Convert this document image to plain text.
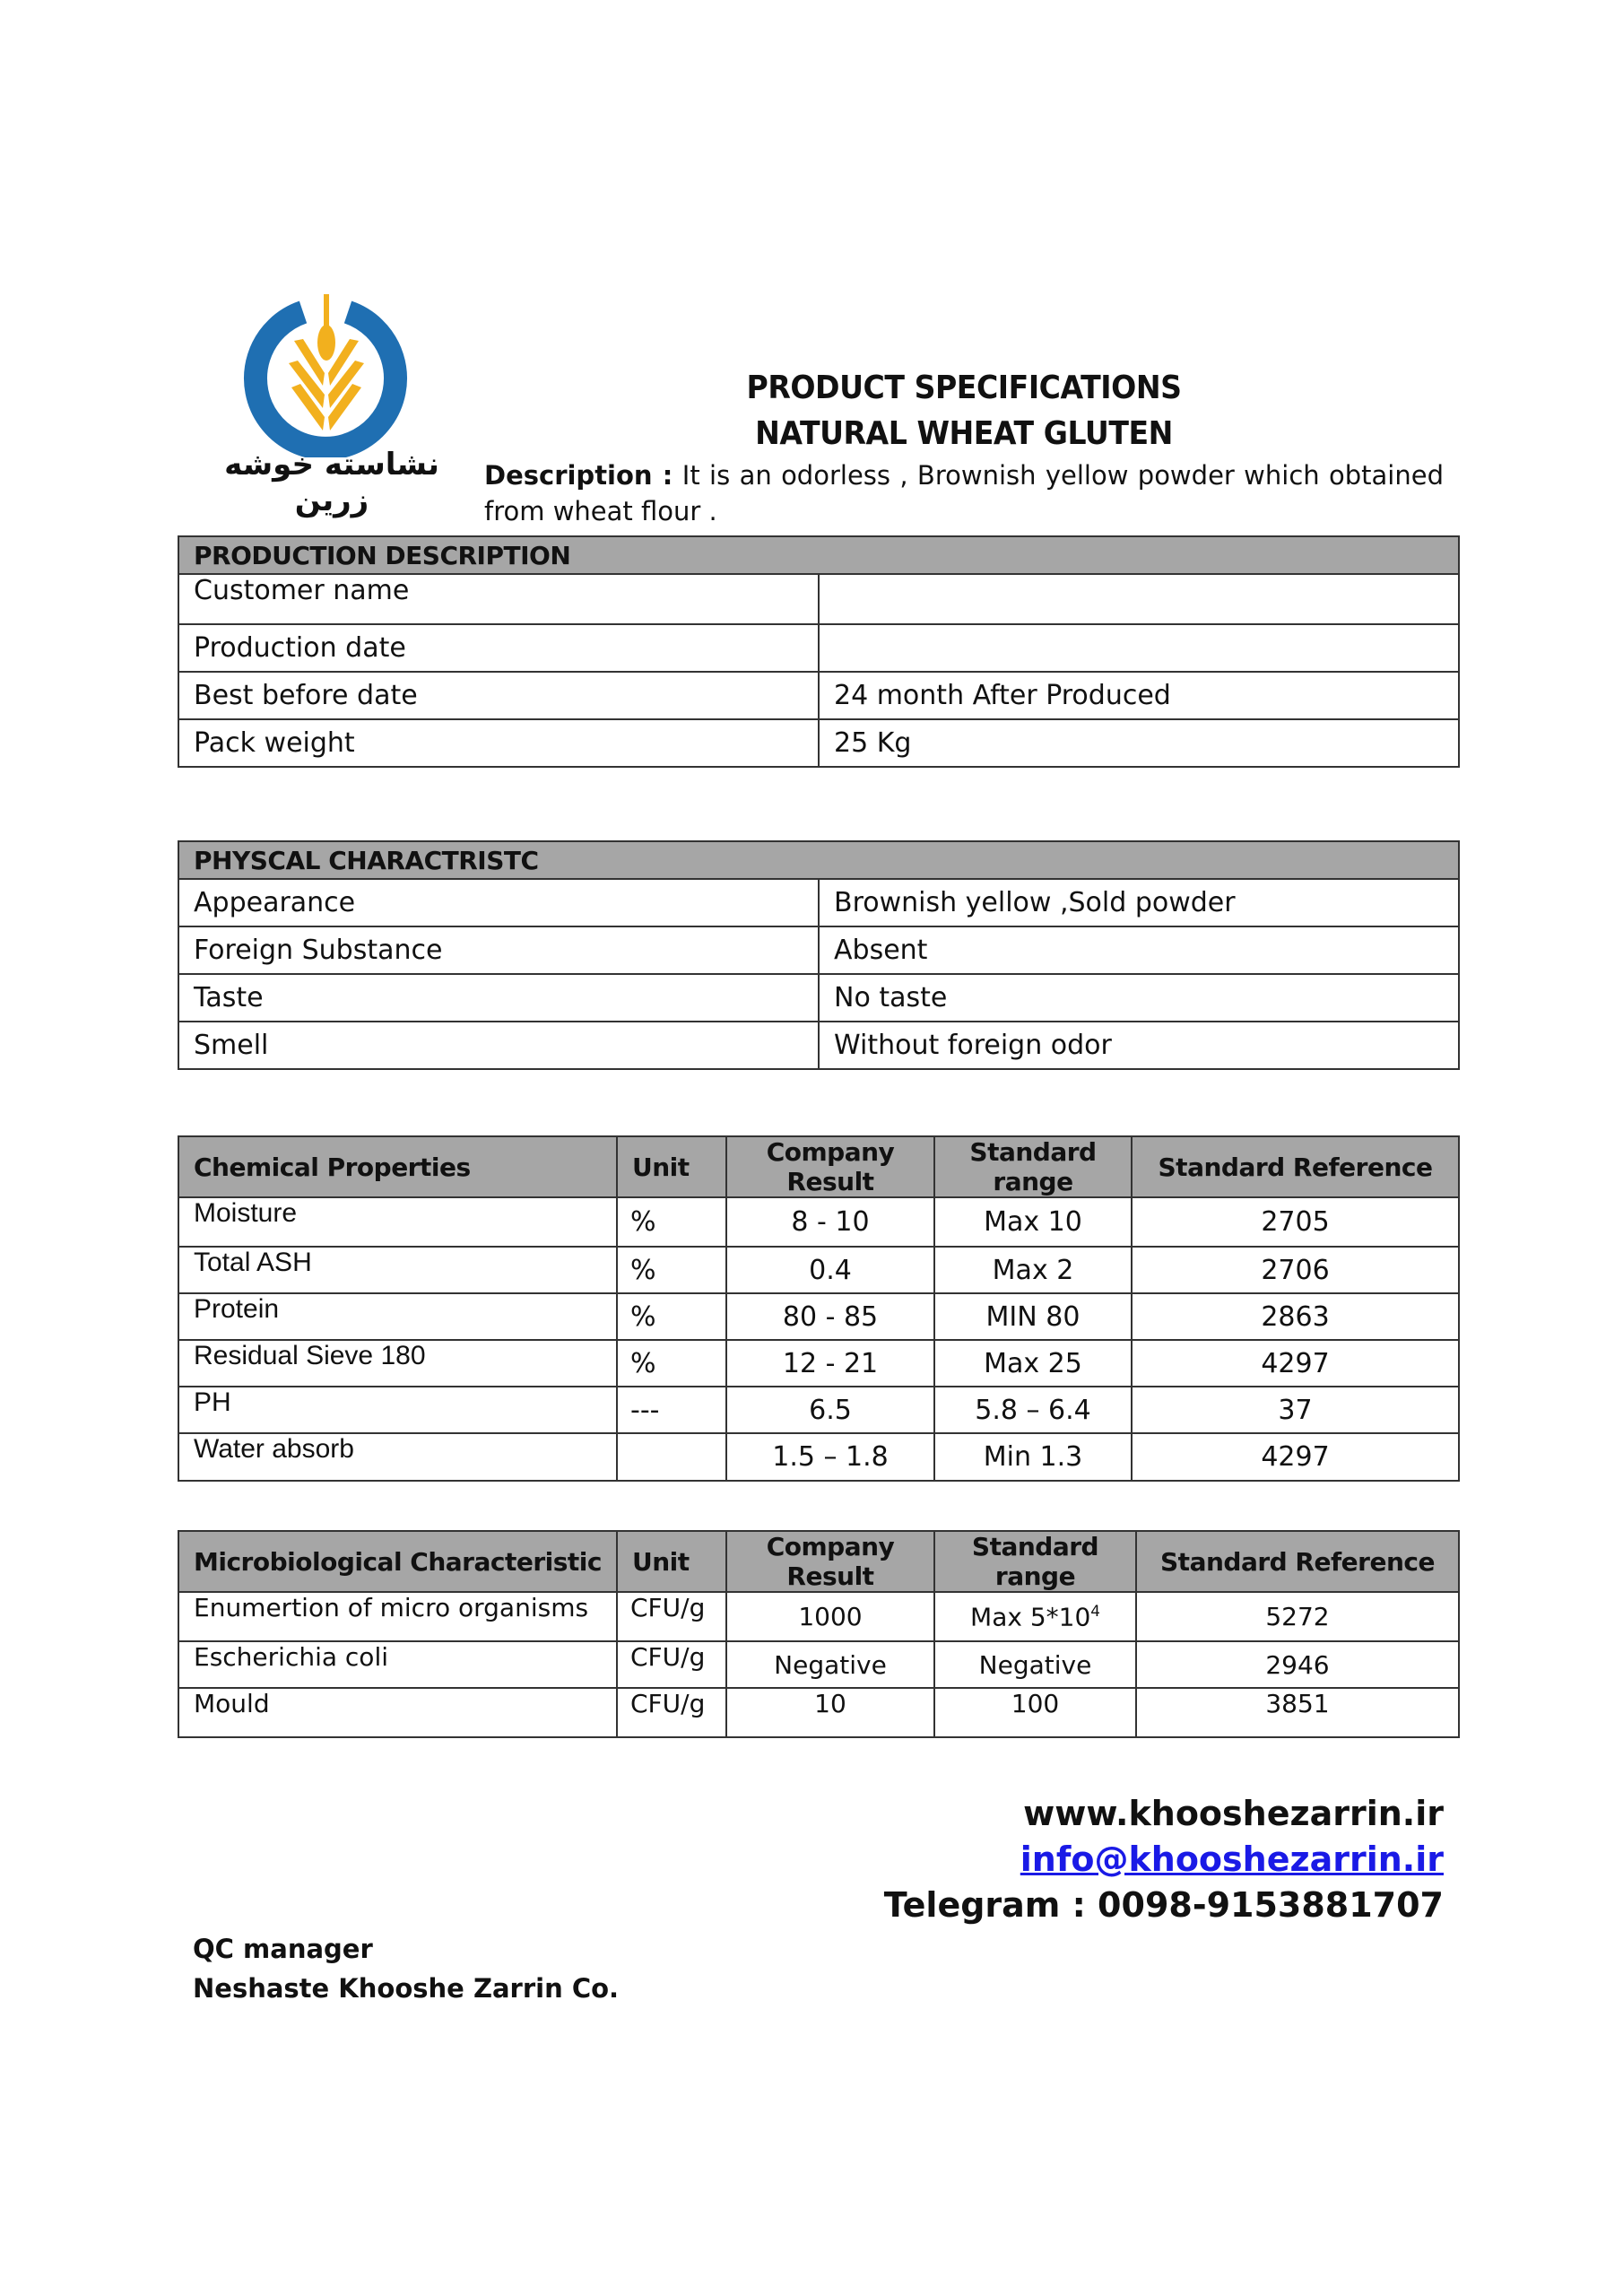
نشاسته خوشه زرین
PRODUCT SPECIFICATIONS
NATURAL WHEAT GLUTEN
Description : It is an odorless , Brownish yellow powder which obtained from wheat flour .
PRODUCTION DESCRIPTION	
Customer name	
Production date	
Best before date	24 month After Produced
Pack weight	25 Kg
PHYSCAL CHARACTRISTC	
Appearance	Brownish yellow ,Sold powder
Foreign Substance	Absent
Taste	No taste
Smell	Without foreign odor
Chemical Properties	Unit	Company Result	Standard range	Standard Reference
Moisture	%	8 - 10	Max 10	2705
Total ASH	%	0.4	Max 2	2706
Protein	%	80 - 85	MIN 80	2863
Residual Sieve 180	%	12 - 21	Max 25	4297
PH	---	6.5	5.8 – 6.4	37
Water absorb		1.5 – 1.8	Min 1.3	4297
Microbiological Characteristic	Unit	Company Result	Standard range	Standard Reference
Enumertion of micro organisms	CFU/g	1000	Max $5*10^4$	5272
Escherichia coli	CFU/g	Negative	Negative	2946
Mould	CFU/g	10	100	3851
www.khooshezarrin.ir
info@khooshezarrin.ir
Telegram : 0098-9153881707
QC manager
Neshaste Khooshe Zarrin Co.
